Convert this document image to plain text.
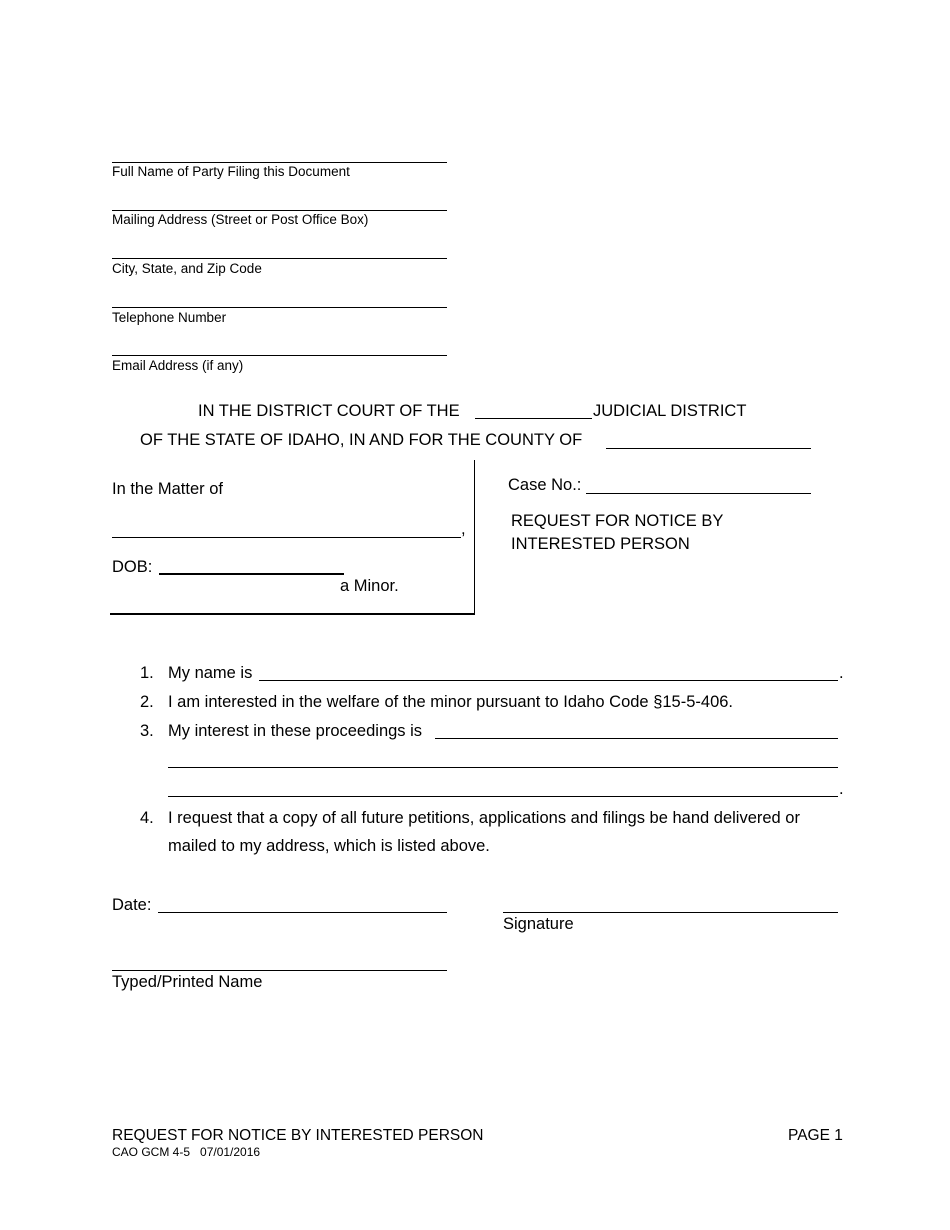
Full Name of Party Filing this Document
Mailing Address (Street or Post Office Box)
City, State, and Zip Code
Telephone Number
Email Address (if any)
IN THE DISTRICT COURT OF THE	JUDICIAL DISTRICT
OF THE STATE OF IDAHO, IN AND FOR THE COUNTY OF
In the Matter of
,
DOB:
a Minor.
Case No.:
REQUEST FOR NOTICE BY
INTERESTED PERSON
1. My name is	.
2. I am interested in the welfare of the minor pursuant to Idaho Code §15-5-406.
3. My interest in these proceedings is
.
4. I request that a copy of all future petitions, applications and filings be hand delivered or
mailed to my address, which is listed above.
Date:
Signature
Typed/Printed Name
REQUEST FOR NOTICE BY INTERESTED PERSON
CAO GCM 4-5   07/01/2016
PAGE 1
